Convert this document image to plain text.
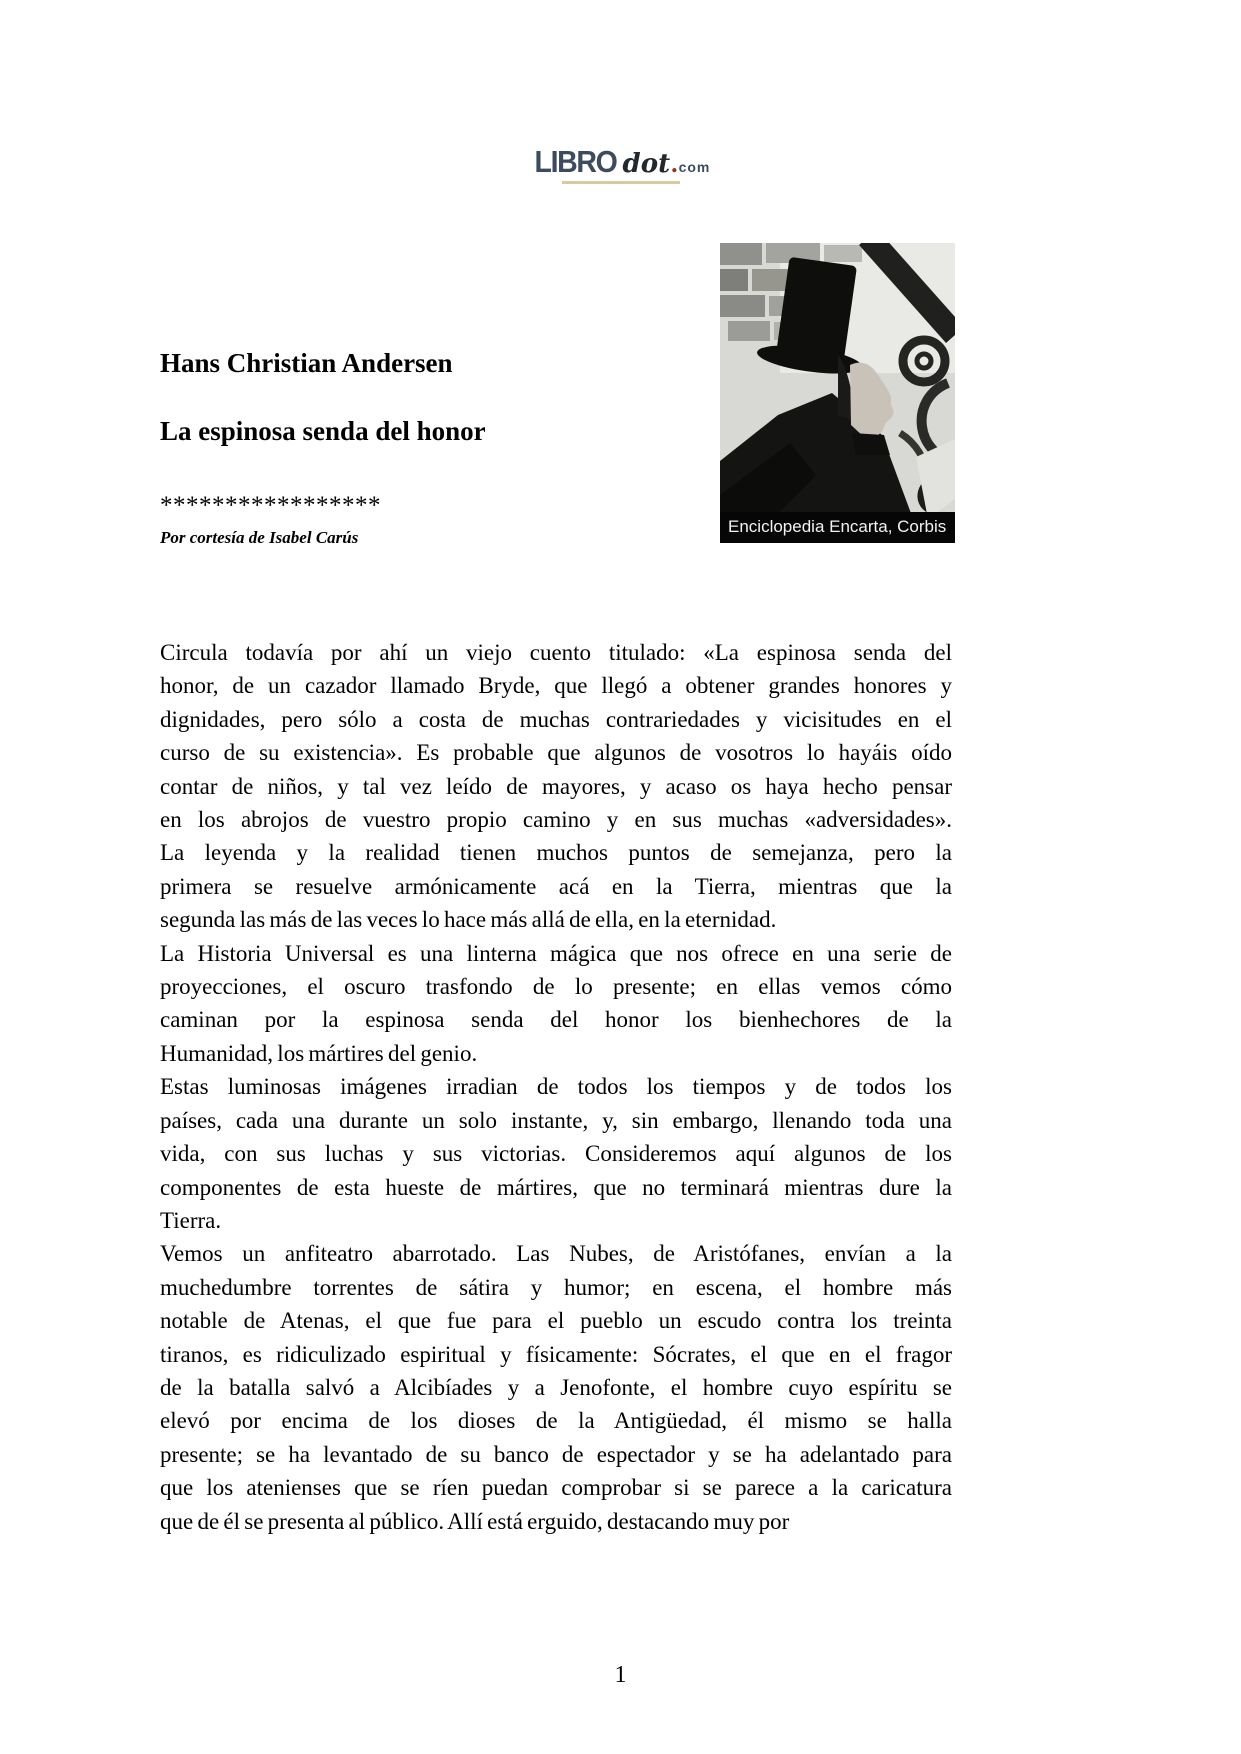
LIBRO dot.com
Enciclopedia Encarta, Corbis
Hans Christian Andersen
La espinosa senda del honor
*****************
Por cortesía de Isabel Carús
Circula todavía por ahí un viejo cuento titulado: «La espinosa senda del
honor, de un cazador llamado Bryde, que llegó a obtener grandes honores y
dignidades, pero sólo a costa de muchas contrariedades y vicisitudes en el
curso de su existencia». Es probable que algunos de vosotros lo hayáis oído
contar de niños, y tal vez leído de mayores, y acaso os haya hecho pensar
en los abrojos de vuestro propio camino y en sus muchas «adversidades».
La leyenda y la realidad tienen muchos puntos de semejanza, pero la
primera se resuelve armónicamente acá en la Tierra, mientras que la
segunda las más de las veces lo hace más allá de ella, en la eternidad.
La Historia Universal es una linterna mágica que nos ofrece en una serie de
proyecciones, el oscuro trasfondo de lo presente; en ellas vemos cómo
caminan por la espinosa senda del honor los bienhechores de la
Humanidad, los mártires del genio.
Estas luminosas imágenes irradian de todos los tiempos y de todos los
países, cada una durante un solo instante, y, sin embargo, llenando toda una
vida, con sus luchas y sus victorias. Consideremos aquí algunos de los
componentes de esta hueste de mártires, que no terminará mientras dure la
Tierra.
Vemos un anfiteatro abarrotado. Las Nubes, de Aristófanes, envían a la
muchedumbre torrentes de sátira y humor; en escena, el hombre más
notable de Atenas, el que fue para el pueblo un escudo contra los treinta
tiranos, es ridiculizado espiritual y físicamente: Sócrates, el que en el fragor
de la batalla salvó a Alcibíades y a Jenofonte, el hombre cuyo espíritu se
elevó por encima de los dioses de la Antigüedad, él mismo se halla
presente; se ha levantado de su banco de espectador y se ha adelantado para
que los atenienses que se ríen puedan comprobar si se parece a la caricatura
que de él se presenta al público. Allí está erguido, destacando muy por
1
